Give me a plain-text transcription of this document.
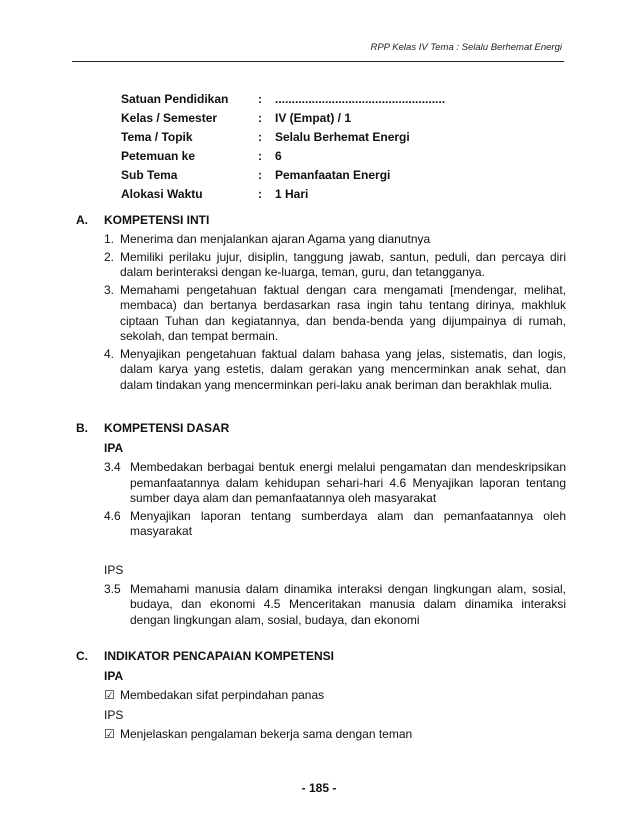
RPP Kelas IV Tema : Selalu Berhemat Energi
Satuan Pendidikan	:	...................................................
Kelas / Semester	:	IV (Empat) / 1
Tema / Topik	:	Selalu Berhemat Energi
Petemuan ke	:	6
Sub Tema	:	Pemanfaatan Energi
Alokasi Waktu	:	1 Hari
A.	KOMPETENSI INTI
1. Menerima dan menjalankan ajaran Agama yang dianutnya
2. Memiliki perilaku jujur, disiplin, tanggung jawab, santun, peduli, dan percaya diri dalam berinteraksi dengan ke-luarga, teman, guru, dan tetangganya.
3. Memahami pengetahuan faktual dengan cara mengamati [mendengar, melihat, membaca) dan bertanya berdasarkan rasa ingin tahu tentang dirinya, makhluk ciptaan Tuhan dan kegiatannya, dan benda-benda yang dijumpainya di rumah, sekolah, dan tempat bermain.
4. Menyajikan pengetahuan faktual dalam bahasa yang jelas, sistematis, dan logis, dalam karya yang estetis, dalam gerakan yang mencerminkan anak sehat, dan dalam tindakan yang mencerminkan peri-laku anak beriman dan berakhlak mulia.
B.	KOMPETENSI DASAR
IPA
3.4 Membedakan berbagai bentuk energi melalui pengamatan dan mendeskripsikan pemanfaatannya dalam kehidupan sehari-hari 4.6 Menyajikan laporan tentang sumber daya alam dan pemanfaatannya oleh masyarakat
4.6 Menyajikan laporan tentang sumberdaya alam dan pemanfaatannya oleh masyarakat
IPS
3.5 Memahami manusia dalam dinamika interaksi dengan lingkungan alam, sosial, budaya, dan ekonomi 4.5 Menceritakan manusia dalam dinamika interaksi dengan lingkungan alam, sosial, budaya, dan ekonomi
C.	INDIKATOR PENCAPAIAN KOMPETENSI
IPA
☑ Membedakan sifat perpindahan panas
IPS
☑ Menjelaskan pengalaman bekerja sama dengan teman
- 185 -
